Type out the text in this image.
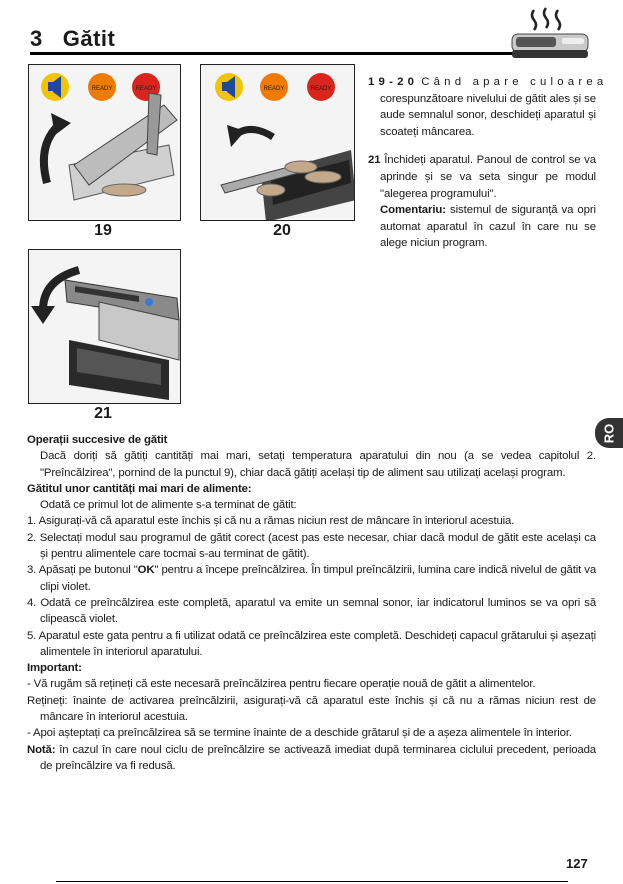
3 Gătit
READY	READY
19
READY	READY
20
21
19-20 Când apare culoarea
corespunzătoare nivelului de gătit ales și se aude semnalul sonor, deschideți aparatul și scoateți mâncarea.
21 Închideți aparatul. Panoul de control se va aprinde și se va seta singur pe modul "alegerea programului".
Comentariu: sistemul de siguranță va opri automat aparatul în cazul în care nu se alege niciun program.
RO
Operații succesive de gătit
Dacă doriți să gătiți cantități mai mari, setați temperatura aparatului din nou (a se vedea capitolul 2. "Preîncălzirea", pornind de la punctul 9), chiar dacă gătiți același tip de aliment sau utilizați același program.
Gătitul unor cantități mai mari de alimente:
Odată ce primul lot de alimente s-a terminat de gătit:
1. Asigurați-vă că aparatul este închis și că nu a rămas niciun rest de mâncare în interiorul acestuia.
2. Selectați modul sau programul de gătit corect (acest pas este necesar, chiar dacă modul de gătit este același ca și pentru alimentele care tocmai s-au terminat de gătit).
3. Apăsați pe butonul "OK" pentru a începe preîncălzirea. În timpul preîncălzirii, lumina care indică nivelul de gătit va clipi violet.
4. Odată ce preîncălzirea este completă, aparatul va emite un semnal sonor, iar indicatorul luminos se va opri să clipească violet.
5. Aparatul este gata pentru a fi utilizat odată ce preîncălzirea este completă. Deschideți capacul grătarului și așezați alimentele în interiorul aparatului.
Important:
- Vă rugăm să rețineți că este necesară preîncălzirea pentru fiecare operație nouă de gătit a alimentelor.
Rețineți: înainte de activarea preîncălzirii, asigurați-vă că aparatul este închis și că nu a rămas niciun rest de mâncare în interiorul acestuia.
- Apoi așteptați ca preîncălzirea să se termine înainte de a deschide grătarul și de a așeza alimentele în interior.
Notă: în cazul în care noul ciclu de preîncălzire se activează imediat după terminarea ciclului precedent, perioada de preîncălzire va fi redusă.
127
